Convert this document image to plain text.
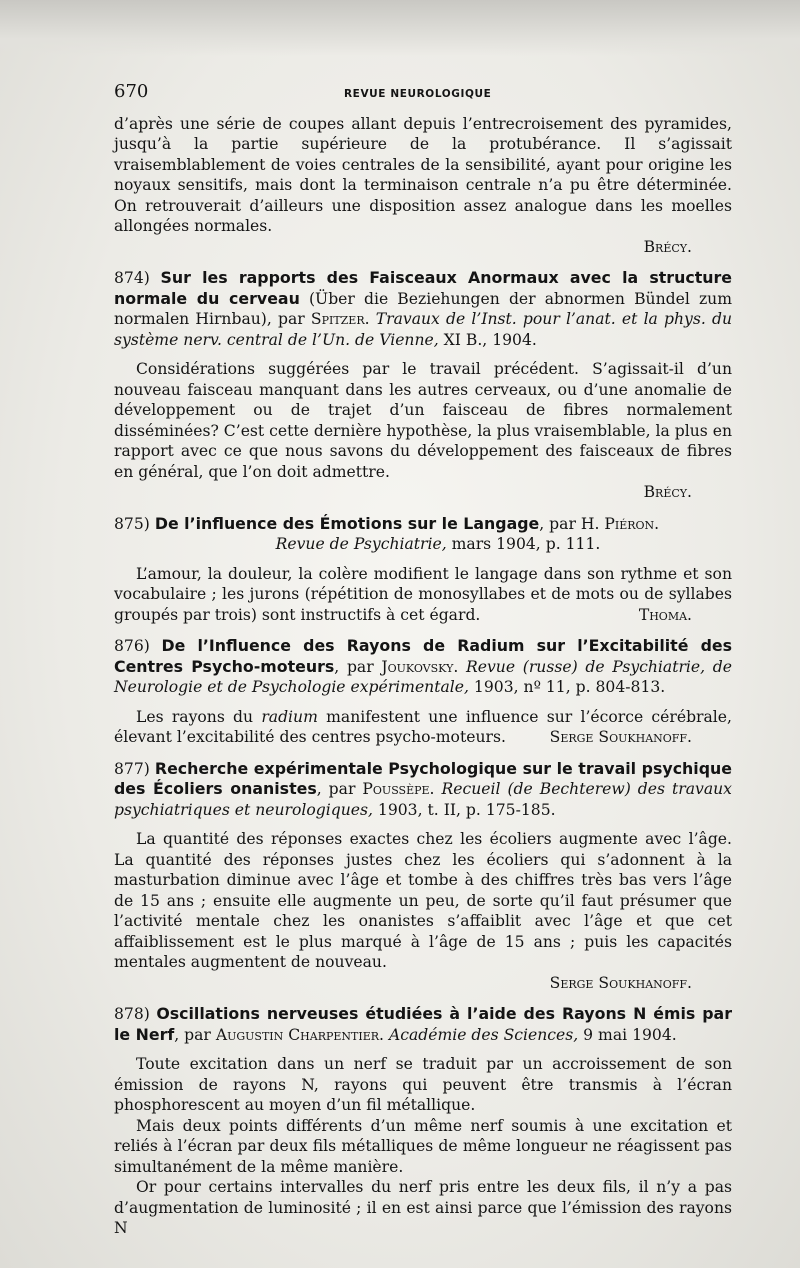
670	REVUE NEUROLOGIQUE

d’après une série de coupes allant depuis l’entrecroisement des pyramides, jusqu’à la partie supérieure de la protubérance. Il s’agissait vraisemblablement de voies centrales de la sensibilité, ayant pour origine les noyaux sensitifs, mais dont la terminaison centrale n’a pu être déterminée. On retrouverait d’ailleurs une disposition assez analogue dans les moelles allongées normales.

Brécy.
874) Sur les rapports des Faisceaux Anormaux avec la structure normale du cerveau (Über die Beziehungen der abnormen Bündel zum normalen Hirnbau), par Spitzer. Travaux de l’Inst. pour l’anat. et la phys. du système nerv. central de l’Un. de Vienne, XI B., 1904.

Considérations suggérées par le travail précédent. S’agissait-il d’un nouveau faisceau manquant dans les autres cerveaux, ou d’une anomalie de développement ou de trajet d’un faisceau de fibres normalement disséminées? C’est cette dernière hypothèse, la plus vraisemblable, la plus en rapport avec ce que nous savons du développement des faisceaux de fibres en général, que l’on doit admettre.

Brécy.
875) De l’influence des Émotions sur le Langage, par H. Piéron.
Revue de Psychiatrie, mars 1904, p. 111.

L’amour, la douleur, la colère modifient le langage dans son rythme et son vocabulaire ; les jurons (répétition de monosyllabes et de mots ou de syllabes groupés par trois) sont instructifs à cet égard.	Thoma.

876) De l’Influence des Rayons de Radium sur l’Excitabilité des Centres Psycho-moteurs, par Joukovsky. Revue (russe) de Psychiatrie, de Neurologie et de Psychologie expérimentale, 1903, nº 11, p. 804-813.

Les rayons du radium manifestent une influence sur l’écorce cérébrale, élevant l’excitabilité des centres psycho-moteurs.	Serge Soukhanoff.

877) Recherche expérimentale Psychologique sur le travail psychique des Écoliers onanistes, par Poussèpe. Recueil (de Bechterew) des travaux psychiatriques et neurologiques, 1903, t. II, p. 175-185.

La quantité des réponses exactes chez les écoliers augmente avec l’âge. La quantité des réponses justes chez les écoliers qui s’adonnent à la masturbation diminue avec l’âge et tombe à des chiffres très bas vers l’âge de 15 ans ; ensuite elle augmente un peu, de sorte qu’il faut présumer que l’activité mentale chez les onanistes s’affaiblit avec l’âge et que cet affaiblissement est le plus marqué à l’âge de 15 ans ; puis les capacités mentales augmentent de nouveau.

Serge Soukhanoff.
878) Oscillations nerveuses étudiées à l’aide des Rayons N émis par le Nerf, par Augustin Charpentier. Académie des Sciences, 9 mai 1904.

Toute excitation dans un nerf se traduit par un accroissement de son émission de rayons N, rayons qui peuvent être transmis à l’écran phosphorescent au moyen d’un fil métallique.

Mais deux points différents d’un même nerf soumis à une excitation et reliés à l’écran par deux fils métalliques de même longueur ne réagissent pas simultanément de la même manière.

Or pour certains intervalles du nerf pris entre les deux fils, il n’y a pas d’augmentation de luminosité ; il en est ainsi parce que l’émission des rayons N
